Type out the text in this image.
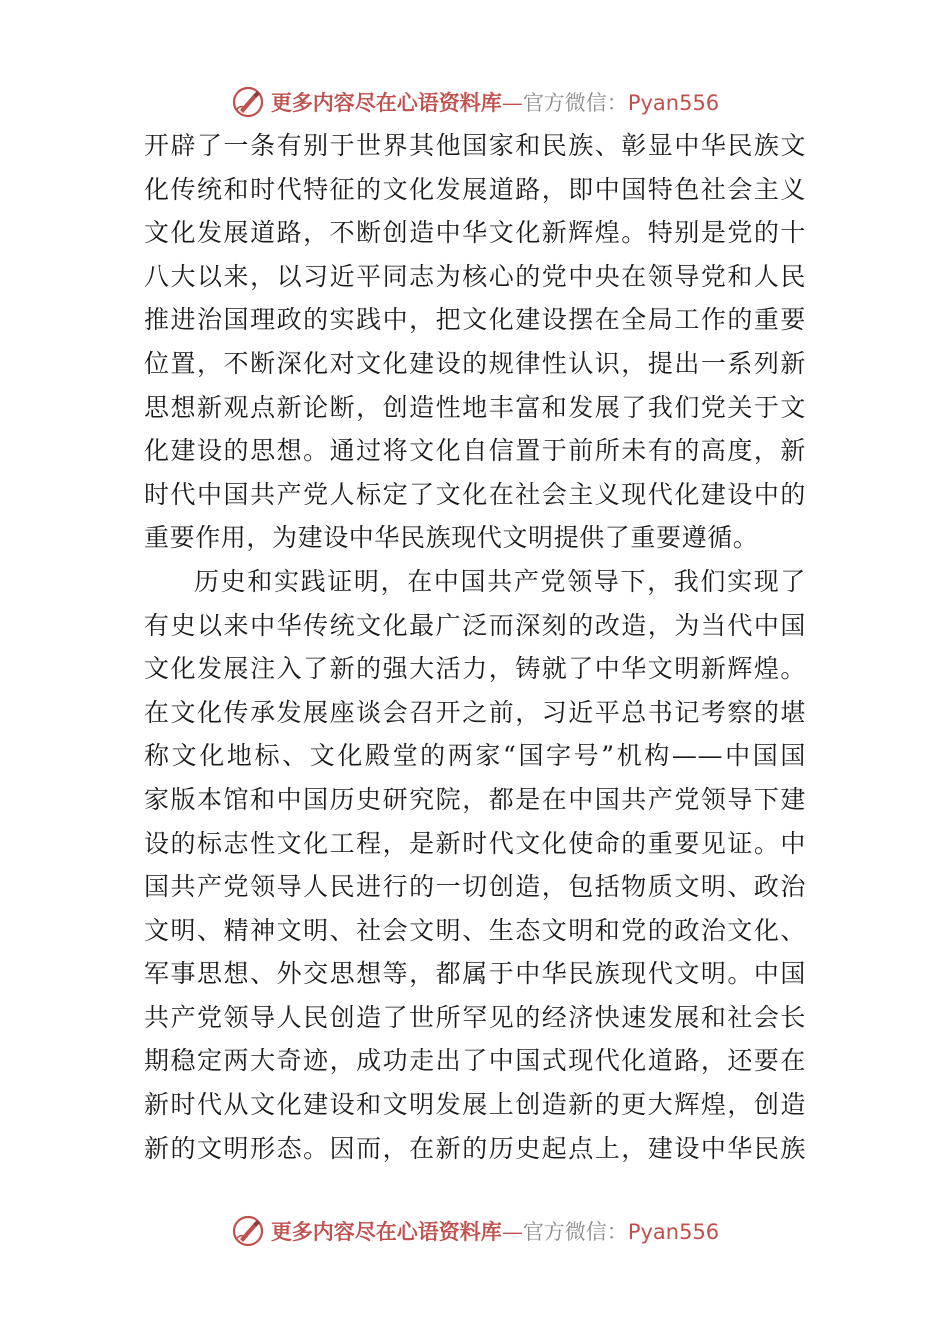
更多内容尽在心语资料库—官方微信：Pyan556
开辟了一条有别于世界其他国家和民族、彰显中华民族文
化传统和时代特征的文化发展道路，即中国特色社会主义
文化发展道路，不断创造中华文化新辉煌。特别是党的十
八大以来，以习近平同志为核心的党中央在领导党和人民
推进治国理政的实践中，把文化建设摆在全局工作的重要
位置，不断深化对文化建设的规律性认识，提出一系列新
思想新观点新论断，创造性地丰富和发展了我们党关于文
化建设的思想。通过将文化自信置于前所未有的高度，新
时代中国共产党人标定了文化在社会主义现代化建设中的
重要作用，为建设中华民族现代文明提供了重要遵循。
历史和实践证明，在中国共产党领导下，我们实现了
有史以来中华传统文化最广泛而深刻的改造，为当代中国
文化发展注入了新的强大活力，铸就了中华文明新辉煌。
在文化传承发展座谈会召开之前，习近平总书记考察的堪
称文化地标、文化殿堂的两家“国字号”机构——中国国
家版本馆和中国历史研究院，都是在中国共产党领导下建
设的标志性文化工程，是新时代文化使命的重要见证。中
国共产党领导人民进行的一切创造，包括物质文明、政治
文明、精神文明、社会文明、生态文明和党的政治文化、
军事思想、外交思想等，都属于中华民族现代文明。中国
共产党领导人民创造了世所罕见的经济快速发展和社会长
期稳定两大奇迹，成功走出了中国式现代化道路，还要在
新时代从文化建设和文明发展上创造新的更大辉煌，创造
新的文明形态。因而，在新的历史起点上，建设中华民族
更多内容尽在心语资料库—官方微信：Pyan556
